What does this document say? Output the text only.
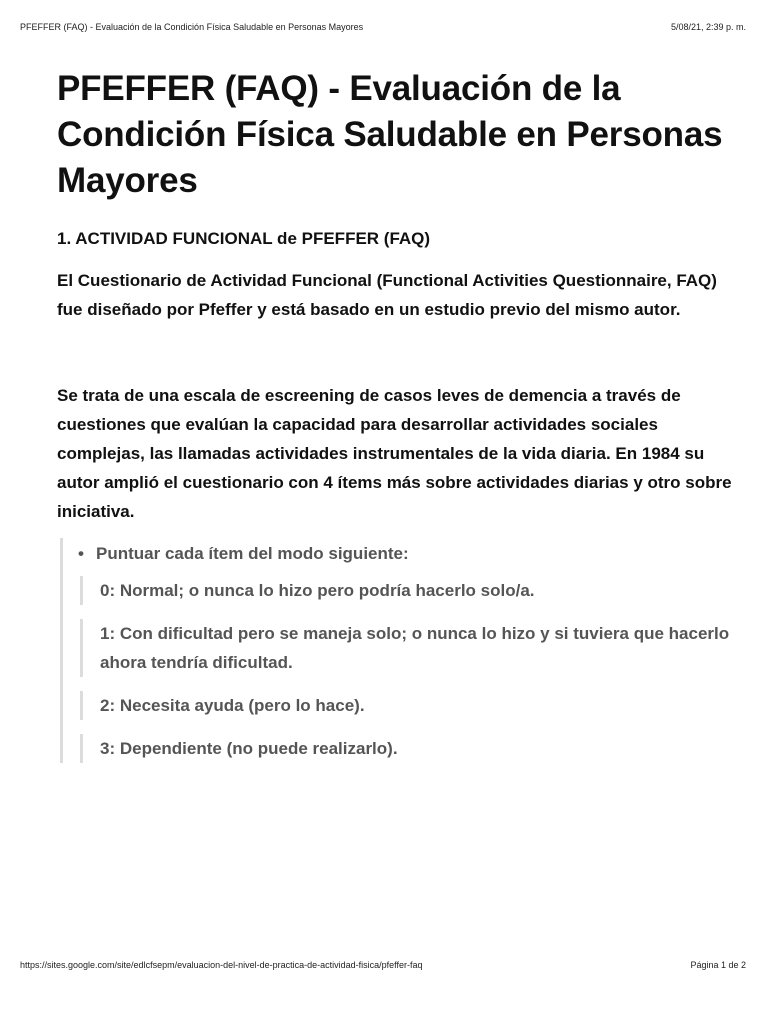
PFEFFER (FAQ) - Evaluación de la Condición Física Saludable en Personas Mayores	5/08/21, 2:39 p. m.
PFEFFER (FAQ) - Evaluación de la Condición Física Saludable en Personas Mayores
1. ACTIVIDAD FUNCIONAL de PFEFFER (FAQ)

El Cuestionario de Actividad Funcional (Functional Activities Questionnaire, FAQ) fue diseñado por Pfeffer y está basado en un estudio previo del mismo autor.

Se trata de una escala de escreening de casos leves de demencia a través de cuestiones que evalúan la capacidad para desarrollar actividades sociales complejas, las llamadas actividades instrumentales de la vida diaria. En 1984 su autor amplió el cuestionario con 4 ítems más sobre actividades diarias y otro sobre iniciativa.

• Puntuar cada ítem del modo siguiente:

0: Normal; o nunca lo hizo pero podría hacerlo solo/a.

1: Con dificultad pero se maneja solo; o nunca lo hizo y si tuviera que hacerlo ahora tendría dificultad.

2: Necesita ayuda (pero lo hace).

3: Dependiente (no puede realizarlo).

https://sites.google.com/site/edlcfsepm/evaluacion-del-nivel-de-practica-de-actividad-fisica/pfeffer-faq	Página 1 de 2
